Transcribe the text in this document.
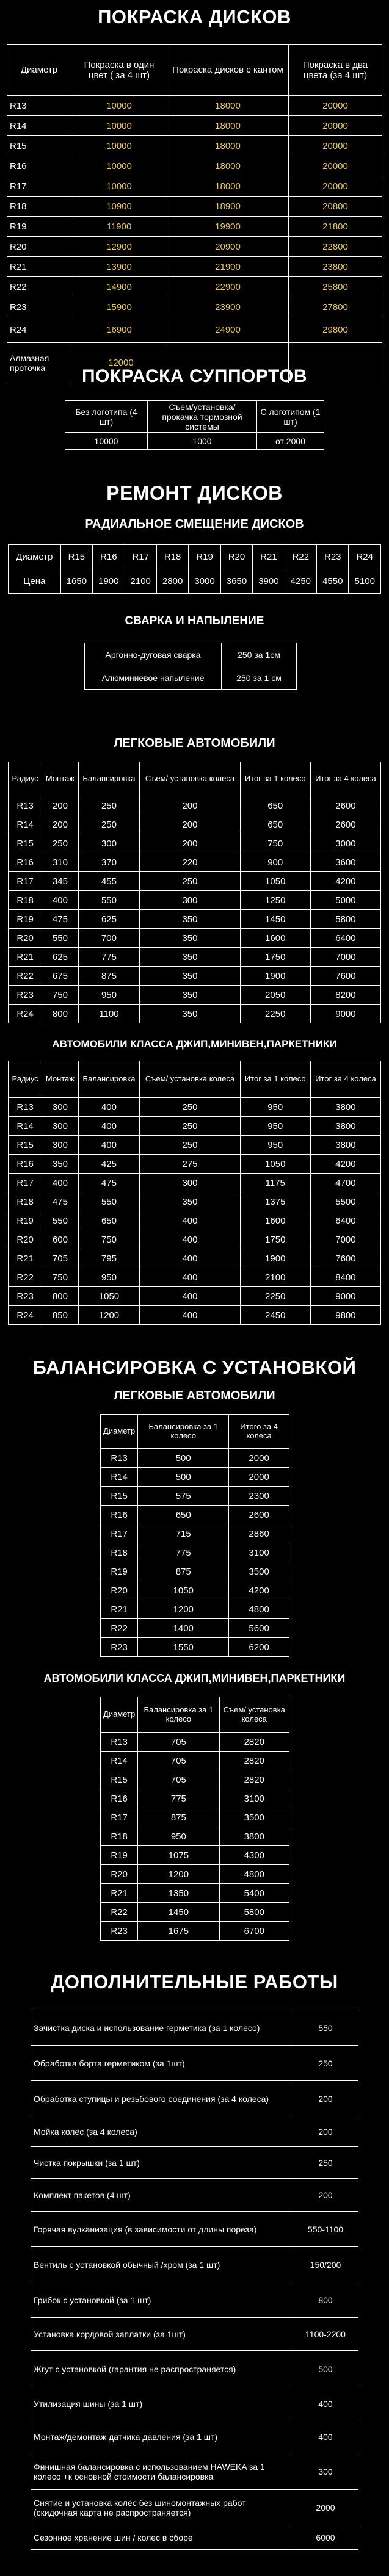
ПОКРАСКА ДИСКОВ
Диаметр	Покраска в один цвет ( за 4 шт)	Покраска дисков с кантом	Покраска в два цвета (за 4 шт)
R13	10000	18000	20000
R14	10000	18000	20000
R15	10000	18000	20000
R16	10000	18000	20000
R17	10000	18000	20000
R18	10900	18900	20800
R19	11900	19900	21800
R20	12900	20900	22800
R21	13900	21900	23800
R22	14900	22900	25800
R23	15900	23900	27800
R24	16900	24900	29800
Алмазная проточка	12000		
ПОКРАСКА СУППОРТОВ
Без логотипа (4 шт)	Съем/установка/ прокачка тормозной системы	С логотипом (1 шт)
10000	1000	от 2000
РЕМОНТ ДИСКОВ
РАДИАЛЬНОЕ СМЕЩЕНИЕ ДИСКОВ
Диаметр	R15	R16	R17	R18	R19	R20	R21	R22	R23	R24
Цена	1650	1900	2100	2800	3000	3650	3900	4250	4550	5100
СВАРКА И НАПЫЛЕНИЕ
Аргонно-дуговая сварка	250 за 1см
Алюминиевое напыление	250 за 1 см
ЛЕГКОВЫЕ АВТОМОБИЛИ
Радиус	Монтаж	Балансировка	Съем/ установка колеса	Итог за 1 колесо	Итог за 4 колеса
R13	200	250	200	650	2600
R14	200	250	200	650	2600
R15	250	300	200	750	3000
R16	310	370	220	900	3600
R17	345	455	250	1050	4200
R18	400	550	300	1250	5000
R19	475	625	350	1450	5800
R20	550	700	350	1600	6400
R21	625	775	350	1750	7000
R22	675	875	350	1900	7600
R23	750	950	350	2050	8200
R24	800	1100	350	2250	9000
АВТОМОБИЛИ КЛАССА ДЖИП,МИНИВЕН,ПАРКЕТНИКИ
Радиус	Монтаж	Балансировка	Съем/ установка колеса	Итог за 1 колесо	Итог за 4 колеса
R13	300	400	250	950	3800
R14	300	400	250	950	3800
R15	300	400	250	950	3800
R16	350	425	275	1050	4200
R17	400	475	300	1175	4700
R18	475	550	350	1375	5500
R19	550	650	400	1600	6400
R20	600	750	400	1750	7000
R21	705	795	400	1900	7600
R22	750	950	400	2100	8400
R23	800	1050	400	2250	9000
R24	850	1200	400	2450	9800
БАЛАНСИРОВКА С УСТАНОВКОЙ
ЛЕГКОВЫЕ АВТОМОБИЛИ
Диаметр	Балансировка за 1 колесо	Итого за 4 колеса
R13	500	2000
R14	500	2000
R15	575	2300
R16	650	2600
R17	715	2860
R18	775	3100
R19	875	3500
R20	1050	4200
R21	1200	4800
R22	1400	5600
R23	1550	6200
АВТОМОБИЛИ КЛАССА ДЖИП,МИНИВЕН,ПАРКЕТНИКИ
Диаметр	Балансировка за 1 колесо	Съем/ установка колеса
R13	705	2820
R14	705	2820
R15	705	2820
R16	775	3100
R17	875	3500
R18	950	3800
R19	1075	4300
R20	1200	4800
R21	1350	5400
R22	1450	5800
R23	1675	6700
ДОПОЛНИТЕЛЬНЫЕ РАБОТЫ
Зачистка диска и использование герметика (за 1 колесо)	550
Обработка борта герметиком (за 1шт)	250
Обработка ступицы и резьбового соединения (за 4 колеса)	200
Мойка колес (за 4 колеса)	200
Чистка покрышки (за 1 шт)	250
Комплект пакетов (4 шт)	200
Горячая вулканизация (в зависимости от длины пореза)	550-1100
Вентиль с установкой обычный /хром (за 1 шт)	150/200
Грибок с установкой (за 1 шт)	800
Установка кордовой заплатки (за 1шт)	1100-2200
Жгут с установкой (гарантия не распространяется)	500
Утилизация шины (за 1 шт)	400
Монтаж/демонтаж датчика давления (за 1 шт)	400
Финишная балансировка с использованием HAWEKA за 1 колесо +к основной стоимости балансировка	300
Снятие и установка колёс без шиномонтажных работ (скидочная карта не распространяется)	2000
Сезонное хранение шин / колес в сборе	6000
